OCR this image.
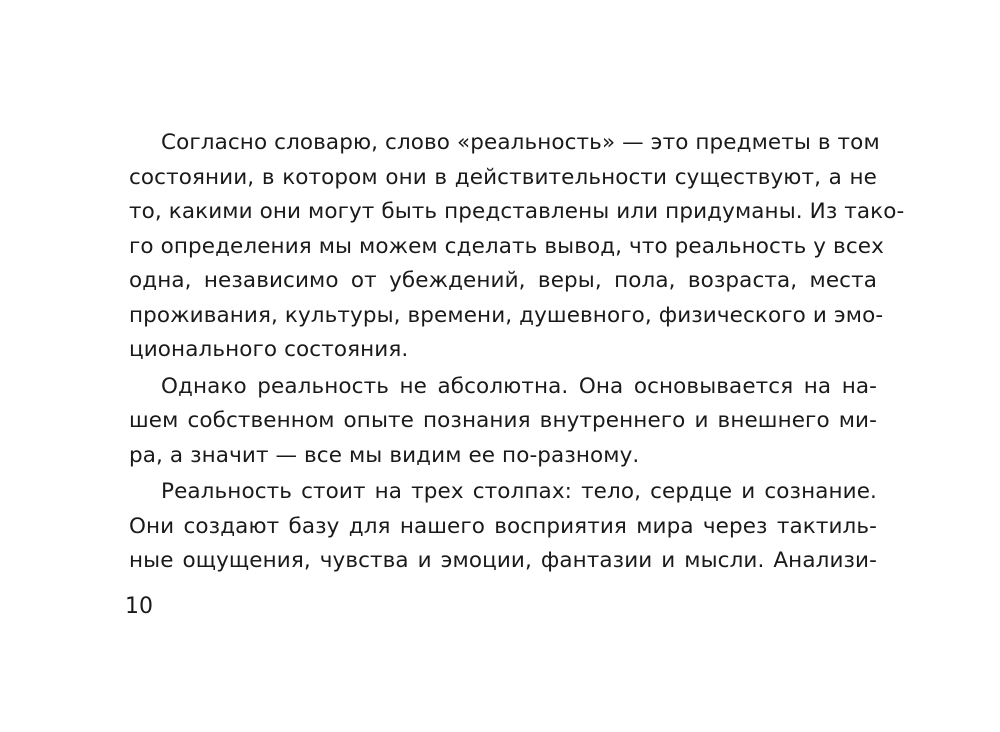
Согласно словарю, слово «реальность» — это предметы в том
состоянии, в котором они в действительности существуют, а не
то, какими они могут быть представлены или придуманы. Из тако-
го определения мы можем сделать вывод, что реальность у всех
одна, независимо от убеждений, веры, пола, возраста, места
проживания, культуры, времени, душевного, физического и эмо-
ционального состояния.
Однако реальность не абсолютна. Она основывается на на-
шем собственном опыте познания внутреннего и внешнего ми-
ра, а значит — все мы видим ее по-разному.
Реальность стоит на трех столпах: тело, сердце и сознание.
Они создают базу для нашего восприятия мира через тактиль-
ные ощущения, чувства и эмоции, фантазии и мысли. Анализи-
10
